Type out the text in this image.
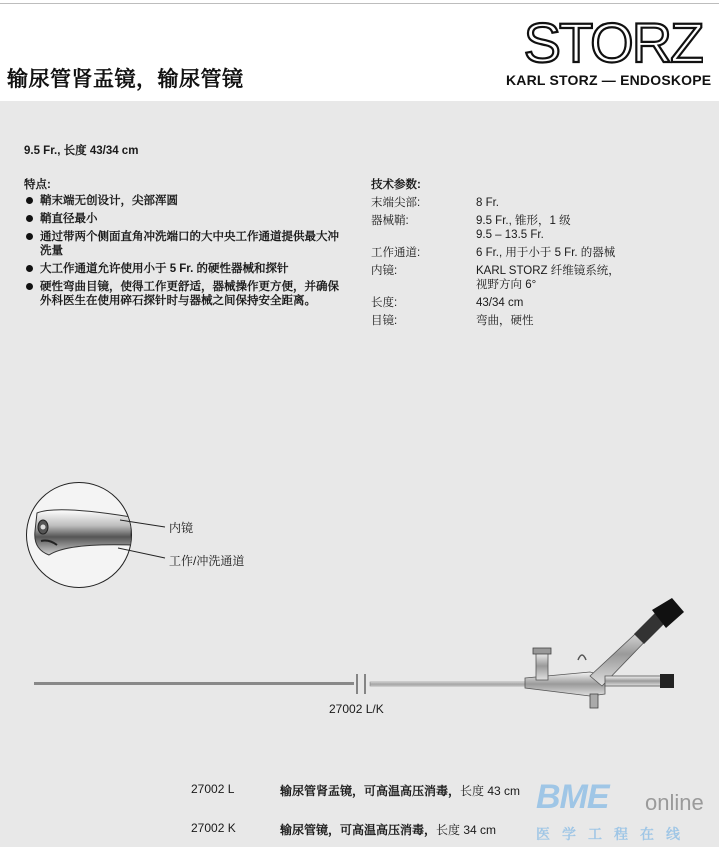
输尿管肾盂镜，输尿管镜
STORZ
KARL STORZ — ENDOSKOPE
9.5 Fr., 长度 43/34 cm
特点:
鞘末端无创设计，尖部浑圆
鞘直径最小
通过带两个侧面直角冲洗端口的大中央工作通道提供最大冲洗量
大工作通道允许使用小于 5 Fr. 的硬性器械和探针
硬性弯曲目镜，使得工作更舒适，器械操作更方便，并确保外科医生在使用碎石探针时与器械之间保持安全距离。
技术参数:
末端尖部:	8 Fr.
器械鞘:	9.5 Fr., 锥形，1 级
9.5 – 13.5 Fr.
工作通道:	6 Fr., 用于小于 5 Fr. 的器械
内镜:	KARL STORZ 纤维镜系统，
视野方向 6°
长度:	43/34 cm
目镜:	弯曲，硬性
内镜
工作/冲洗通道
27002 L/K
27002 L	输尿管肾盂镜，可高温高压消毒， 长度 43 cm
27002 K	输尿管镜，可高温高压消毒， 长度 34 cm
BME online
医学工程在线
